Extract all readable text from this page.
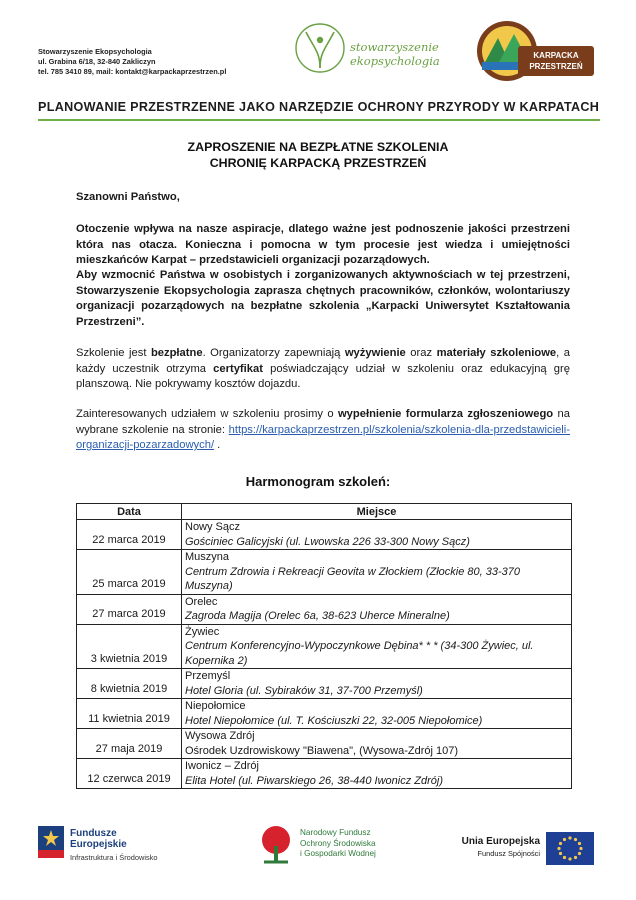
Stowarzyszenie Ekopsychologia
ul. Grabina 6/18, 32-840 Zakliczyn
tel. 785 3410 89, mail: kontakt@karpackaprzestrzen.pl
stowarzyszenie
ekopsychologia	KARPACKA
PRZESTRZEŃ
PLANOWANIE PRZESTRZENNE JAKO NARZĘDZIE OCHRONY PRZYRODY W KARPATACH
ZAPROSZENIE NA BEZPŁATNE SZKOLENIA
CHRONIĘ KARPACKĄ PRZESTRZEŃ
Szanowni Państwo,
Otoczenie wpływa na nasze aspiracje, dlatego ważne jest podnoszenie jakości przestrzeni która nas otacza. Konieczna i pomocna w tym procesie jest wiedza i umiejętności mieszkańców Karpat – przedstawicieli organizacji pozarządowych.
Aby wzmocnić Państwa w osobistych i zorganizowanych aktywnościach w tej przestrzeni, Stowarzyszenie Ekopsychologia zaprasza chętnych pracowników, członków, wolontariuszy organizacji pozarządowych na bezpłatne szkolenia „Karpacki Uniwersytet Kształtowania Przestrzeni”.
Szkolenie jest bezpłatne. Organizatorzy zapewniają wyżywienie oraz materiały szkoleniowe, a każdy uczestnik otrzyma certyfikat poświadczający udział w szkoleniu oraz edukacyjną grę planszową. Nie pokrywamy kosztów dojazdu.
Zainteresowanych udziałem w szkoleniu prosimy o wypełnienie formularza zgłoszeniowego na wybrane szkolenie na stronie: https://karpackaprzestrzen.pl/szkolenia/szkolenia-dla-przedstawicieli-organizacji-pozarzadowych/ .
Harmonogram szkoleń:
Data	Miejsce
22 marca 2019	Nowy Sącz
Gościniec Galicyjski (ul. Lwowska 226 33-300 Nowy Sącz)

25 marca 2019	Muszyna
Centrum Zdrowia i Rekreacji Geovita w Złockiem (Złockie 80, 33-370 Muszyna)

27 marca 2019	Orelec
Zagroda Magija (Orelec 6a, 38-623 Uherce Mineralne)

3 kwietnia 2019	Żywiec
Centrum Konferencyjno-Wypoczynkowe Dębina* * * (34-300 Żywiec, ul. Kopernika 2)

8 kwietnia 2019	Przemyśl
Hotel Gloria (ul. Sybiraków 31, 37-700 Przemyśl)

11 kwietnia 2019	Niepołomice
Hotel Niepołomice (ul. T. Kościuszki 22, 32-005 Niepołomice)

27 maja 2019	Wysowa Zdrój
Ośrodek Uzdrowiskowy "Biawena", (Wysowa-Zdrój 107)

12 czerwca 2019	Iwonicz – Zdrój
Elita Hotel (ul. Piwarskiego 26, 38-440 Iwonicz Zdrój)
Fundusze
Europejskie
Infrastruktura i Środowisko
Narodowy Fundusz
Ochrony Środowiska
i Gospodarki Wodnej
Unia Europejska
Fundusz Spójności
